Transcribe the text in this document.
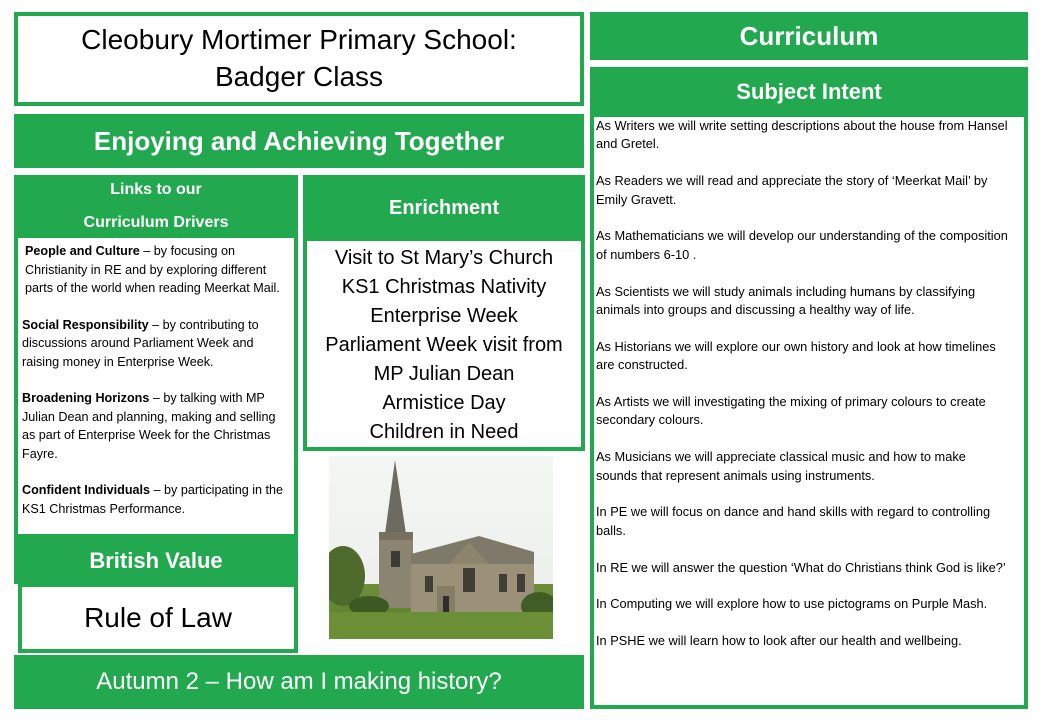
Cleobury Mortimer Primary School:
Badger Class
Enjoying and Achieving Together
Links to our
Curriculum Drivers

People and Culture – by focusing on Christianity in RE and by exploring different parts of the world when reading Meerkat Mail.

Social Responsibility – by contributing to discussions around Parliament Week and raising money in Enterprise Week.

Broadening Horizons – by talking with MP Julian Dean and planning, making and selling as part of Enterprise Week for the Christmas Fayre.

Confident Individuals – by participating in the KS1 Christmas Performance.

British Value
Rule of Law
Enrichment
Visit to St Mary’s Church
KS1 Christmas Nativity
Enterprise Week
Parliament Week visit from
MP Julian Dean
Armistice Day
Children in Need
Autumn 2 – How am I making history?
Curriculum
Subject Intent

As Writers we will write setting descriptions about the house from Hansel and Gretel.

As Readers we will read and appreciate the story of ‘Meerkat Mail’ by Emily Gravett.

As Mathematicians we will develop our understanding of the composition of numbers 6-10 .

As Scientists we will study animals including humans by classifying animals into groups and discussing a healthy way of life.

As Historians we will explore our own history and look at how timelines are constructed.

As Artists we will investigating the mixing of primary colours to create secondary colours.

As Musicians we will appreciate classical music and how to make sounds that represent animals using instruments.

In PE we will focus on dance and hand skills with regard to controlling balls.

In RE we will answer the question ‘What do Christians think God is like?’

In Computing we will explore how to use pictograms on Purple Mash.

In PSHE we will learn how to look after our health and wellbeing.
